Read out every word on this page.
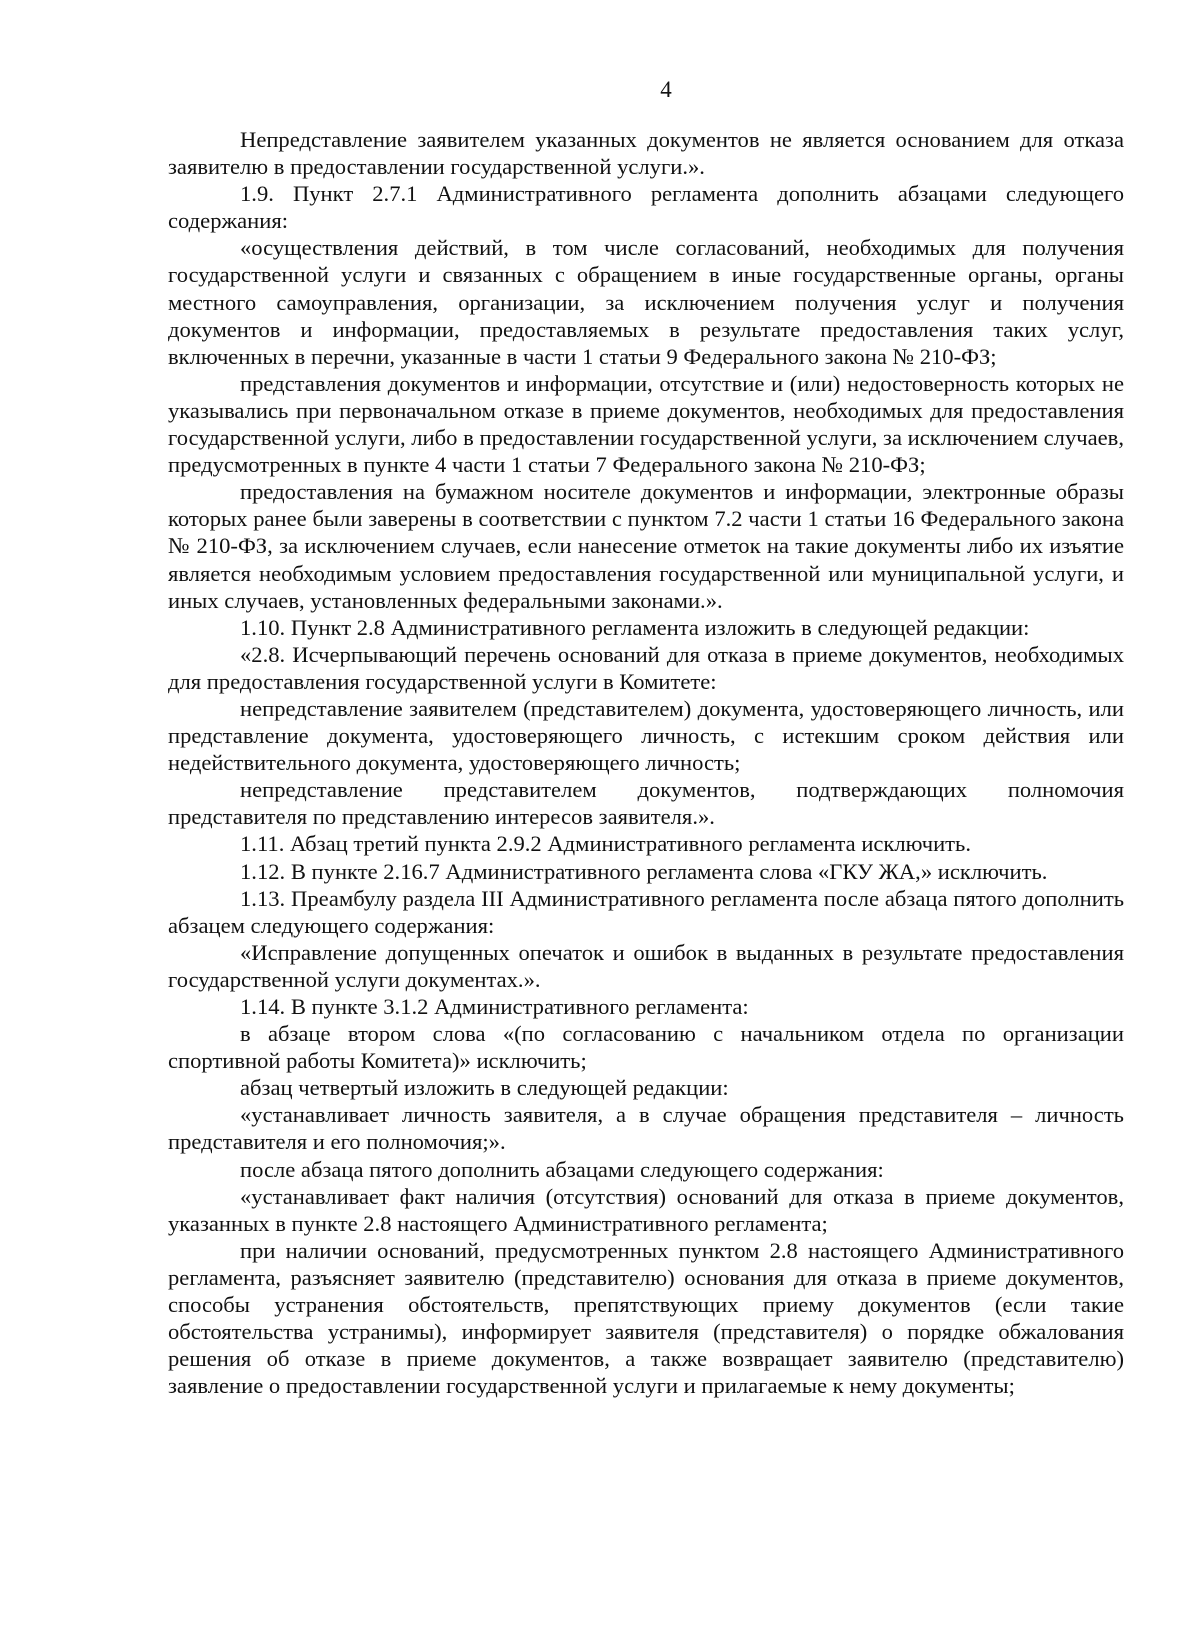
4

Непредставление заявителем указанных документов не является основанием для отказа заявителю в предоставлении государственной услуги.».

1.9. Пункт 2.7.1 Административного регламента дополнить абзацами следующего содержания:

«осуществления действий, в том числе согласований, необходимых для получения государственной услуги и связанных с обращением в иные государственные органы, органы местного самоуправления, организации, за исключением получения услуг и получения документов и информации, предоставляемых в результате предоставления таких услуг, включенных в перечни, указанные в части 1 статьи 9 Федерального закона № 210-ФЗ;

представления документов и информации, отсутствие и (или) недостоверность которых не указывались при первоначальном отказе в приеме документов, необходимых для предоставления государственной услуги, либо в предоставлении государственной услуги, за исключением случаев, предусмотренных в пункте 4 части 1 статьи 7 Федерального закона № 210-ФЗ;

предоставления на бумажном носителе документов и информации, электронные образы которых ранее были заверены в соответствии с пунктом 7.2 части 1 статьи 16 Федерального закона № 210-ФЗ, за исключением случаев, если нанесение отметок на такие документы либо их изъятие является необходимым условием предоставления государственной или муниципальной услуги, и иных случаев, установленных федеральными законами.».

1.10. Пункт 2.8 Административного регламента изложить в следующей редакции:

«2.8. Исчерпывающий перечень оснований для отказа в приеме документов, необходимых для предоставления государственной услуги в Комитете:

непредставление заявителем (представителем) документа, удостоверяющего личность, или представление документа, удостоверяющего личность, с истекшим сроком действия или недействительного документа, удостоверяющего личность;

непредставление представителем документов, подтверждающих полномочия представителя по представлению интересов заявителя.».

1.11. Абзац третий пункта 2.9.2 Административного регламента исключить.

1.12. В пункте 2.16.7 Административного регламента слова «ГКУ ЖА,» исключить.

1.13. Преамбулу раздела III Административного регламента после абзаца пятого дополнить абзацем следующего содержания:

«Исправление допущенных опечаток и ошибок в выданных в результате предоставления государственной услуги документах.».

1.14. В пункте 3.1.2 Административного регламента:

в абзаце втором слова «(по согласованию с начальником отдела по организации спортивной работы Комитета)» исключить;

абзац четвертый изложить в следующей редакции:

«устанавливает личность заявителя, а в случае обращения представителя – личность представителя и его полномочия;».

после абзаца пятого дополнить абзацами следующего содержания:

«устанавливает факт наличия (отсутствия) оснований для отказа в приеме документов, указанных в пункте 2.8 настоящего Административного регламента;

при наличии оснований, предусмотренных пунктом 2.8 настоящего Административного регламента, разъясняет заявителю (представителю) основания для отказа в приеме документов, способы устранения обстоятельств, препятствующих приему документов (если такие обстоятельства устранимы), информирует заявителя (представителя) о порядке обжалования решения об отказе в приеме документов, а также возвращает заявителю (представителю) заявление о предоставлении государственной услуги и прилагаемые к нему документы;
